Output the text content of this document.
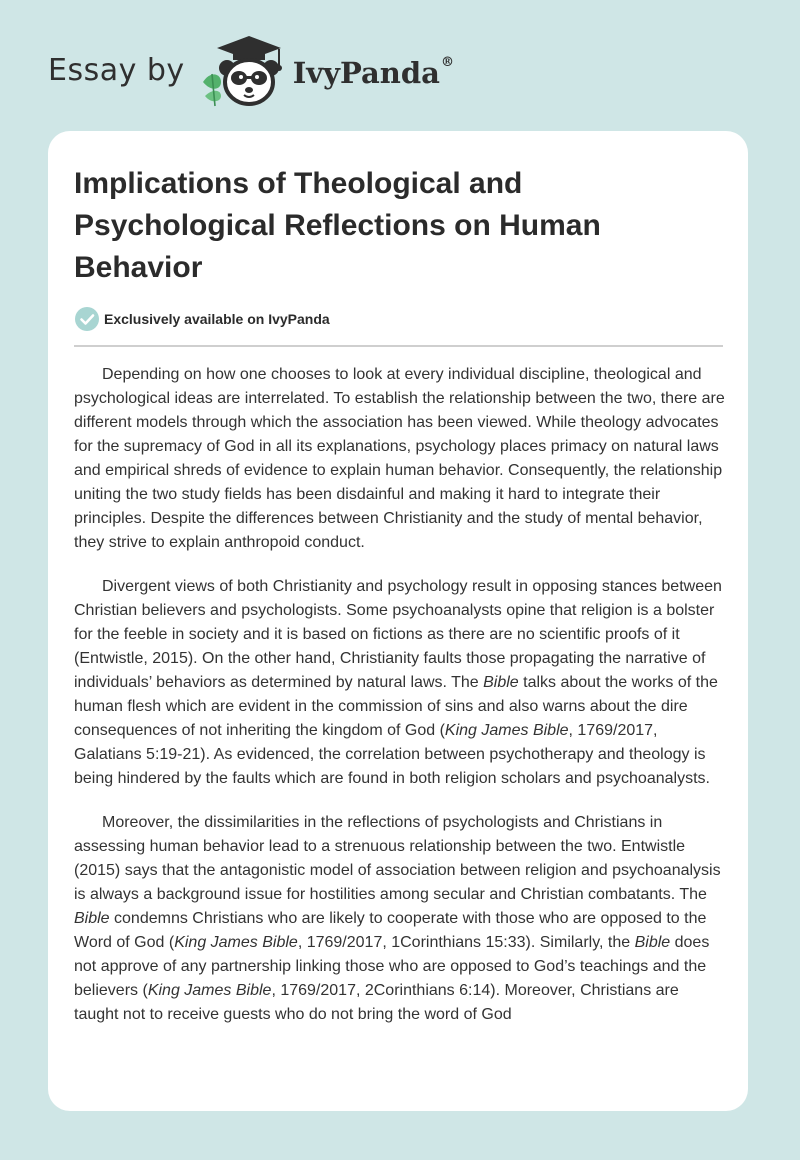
Essay by	IvyPanda®
Implications of Theological and Psychological Reflections on Human Behavior
Exclusively available on IvyPanda

Depending on how one chooses to look at every individual discipline, theological and psychological ideas are interrelated. To establish the relationship between the two, there are different models through which the association has been viewed. While theology advocates for the supremacy of God in all its explanations, psychology places primacy on natural laws and empirical shreds of evidence to explain human behavior. Consequently, the relationship uniting the two study fields has been disdainful and making it hard to integrate their principles. Despite the differences between Christianity and the study of mental behavior, they strive to explain anthropoid conduct.

Divergent views of both Christianity and psychology result in opposing stances between Christian believers and psychologists. Some psychoanalysts opine that religion is a bolster for the feeble in society and it is based on fictions as there are no scientific proofs of it (Entwistle, 2015). On the other hand, Christianity faults those propagating the narrative of individuals’ behaviors as determined by natural laws. The Bible talks about the works of the human flesh which are evident in the commission of sins and also warns about the dire consequences of not inheriting the kingdom of God (King James Bible, 1769/2017, Galatians 5:19-21). As evidenced, the correlation between psychotherapy and theology is being hindered by the faults which are found in both religion scholars and psychoanalysts.

Moreover, the dissimilarities in the reflections of psychologists and Christians in assessing human behavior lead to a strenuous relationship between the two. Entwistle (2015) says that the antagonistic model of association between religion and psychoanalysis is always a background issue for hostilities among secular and Christian combatants. The Bible condemns Christians who are likely to cooperate with those who are opposed to the Word of God (King James Bible, 1769/2017, 1Corinthians 15:33). Similarly, the Bible does not approve of any partnership linking those who are opposed to God’s teachings and the believers (King James Bible, 1769/2017, 2Corinthians 6:14). Moreover, Christians are taught not to receive guests who do not bring the word of God
